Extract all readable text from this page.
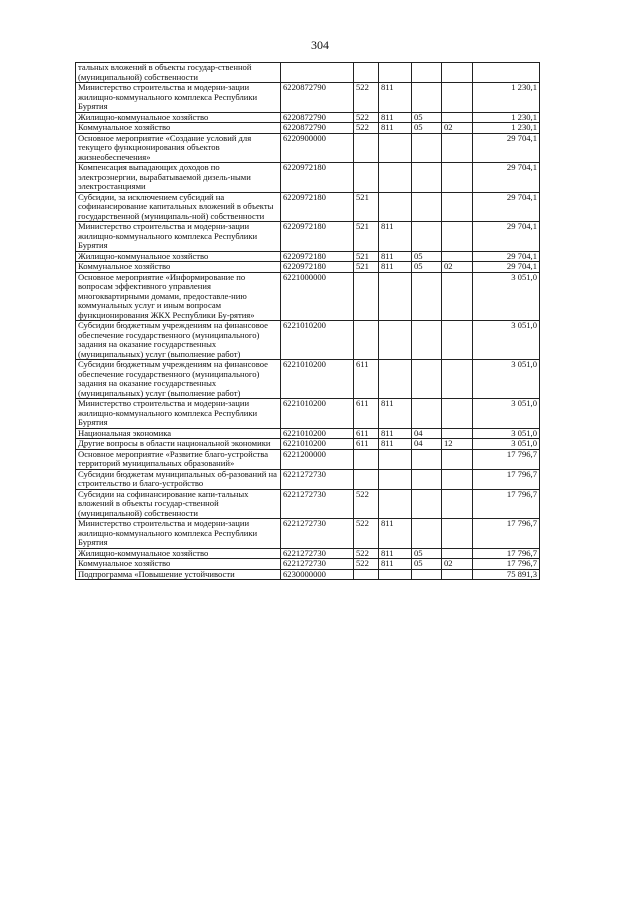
304
тальных вложений в объекты государ-ственной (муниципальной) собственности						
Министерство строительства и модерни-зации жилищно-коммунального комплекса Республики Бурятия	6220872790	522	811			1 230,1
Жилищно-коммунальное хозяйство	6220872790	522	811	05		1 230,1
Коммунальное хозяйство	6220872790	522	811	05	02	1 230,1
Основное мероприятие «Создание условий для текущего функционирования объектов жизнеобеспечения»	6220900000					29 704,1
Компенсация выпадающих доходов по электроэнергии, вырабатываемой дизель-ными электростанциями	6220972180					29 704,1
Субсидии, за исключением субсидий на софинансирование капитальных вложений в объекты государственной (муниципаль-ной) собственности	6220972180	521				29 704,1
Министерство строительства и модерни-зации жилищно-коммунального комплекса Республики Бурятия	6220972180	521	811			29 704,1
Жилищно-коммунальное хозяйство	6220972180	521	811	05		29 704,1
Коммунальное хозяйство	6220972180	521	811	05	02	29 704,1
Основное мероприятие «Информирование по вопросам эффективного управления многоквартирными домами, предоставле-нию коммунальных услуг и иным вопросам функционирования ЖКХ Республики Бу-рятия»	6221000000					3 051,0
Субсидии бюджетным учреждениям на финансовое обеспечение государственного (муниципального) задания на оказание государственных (муниципальных) услуг (выполнение работ)	6221010200					3 051,0
Субсидии бюджетным учреждениям на финансовое обеспечение государственного (муниципального) задания на оказание государственных (муниципальных) услуг (выполнение работ)	6221010200	611				3 051,0
Министерство строительства и модерни-зации жилищно-коммунального комплекса Республики Бурятия	6221010200	611	811			3 051,0
Национальная экономика	6221010200	611	811	04		3 051,0
Другие вопросы в области национальной экономики	6221010200	611	811	04	12	3 051,0
Основное мероприятие «Развитие благо-устройства территорий муниципальных образований»	6221200000					17 796,7
Субсидии бюджетам муниципальных об-разований на строительство и благо-устройство	6221272730					17 796,7
Субсидии на софинансирование капи-тальных вложений в объекты государ-ственной (муниципальной) собственности	6221272730	522				17 796,7
Министерство строительства и модерни-зации жилищно-коммунального комплекса Республики Бурятия	6221272730	522	811			17 796,7
Жилищно-коммунальное хозяйство	6221272730	522	811	05		17 796,7
Коммунальное хозяйство	6221272730	522	811	05	02	17 796,7
Подпрограмма «Повышение устойчивости	6230000000					75 891,3
